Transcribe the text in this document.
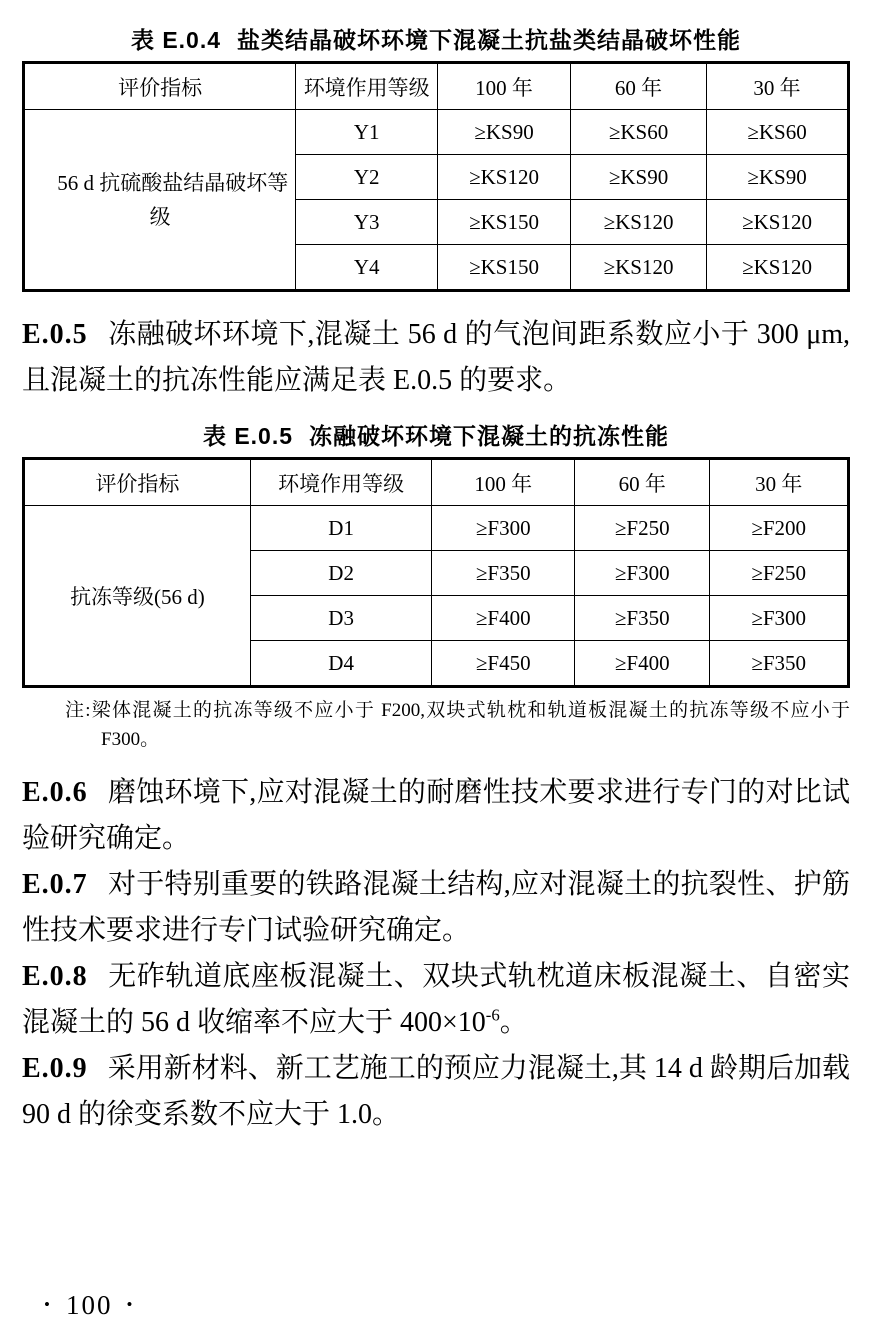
表 E.0.4 盐类结晶破坏环境下混凝土抗盐类结晶破坏性能
评价指标	环境作用等级	100 年	60 年	30 年
56 d 抗硫酸盐结晶破坏等级	Y1	≥KS90	≥KS60	≥KS60
	Y2	≥KS120	≥KS90	≥KS90
	Y3	≥KS150	≥KS120	≥KS120
	Y4	≥KS150	≥KS120	≥KS120

E.0.5 冻融破坏环境下,混凝土 56 d 的气泡间距系数应小于 300 μm,且混凝土的抗冻性能应满足表 E.0.5 的要求。

表 E.0.5 冻融破坏环境下混凝土的抗冻性能
评价指标	环境作用等级	100 年	60 年	30 年
抗冻等级(56 d)	D1	≥F300	≥F250	≥F200
	D2	≥F350	≥F300	≥F250
	D3	≥F400	≥F350	≥F300
	D4	≥F450	≥F400	≥F350
注:梁体混凝土的抗冻等级不应小于 F200,双块式轨枕和轨道板混凝土的抗冻等级不应小于 F300。

E.0.6 磨蚀环境下,应对混凝土的耐磨性技术要求进行专门的对比试验研究确定。

E.0.7 对于特别重要的铁路混凝土结构,应对混凝土的抗裂性、护筋性技术要求进行专门试验研究确定。

E.0.8 无砟轨道底座板混凝土、双块式轨枕道床板混凝土、自密实混凝土的 56 d 收缩率不应大于 $400\times 10^{-6}$。

E.0.9 采用新材料、新工艺施工的预应力混凝土,其 14 d 龄期后加载90 d 的徐变系数不应大于 1.0。

• 100 •
